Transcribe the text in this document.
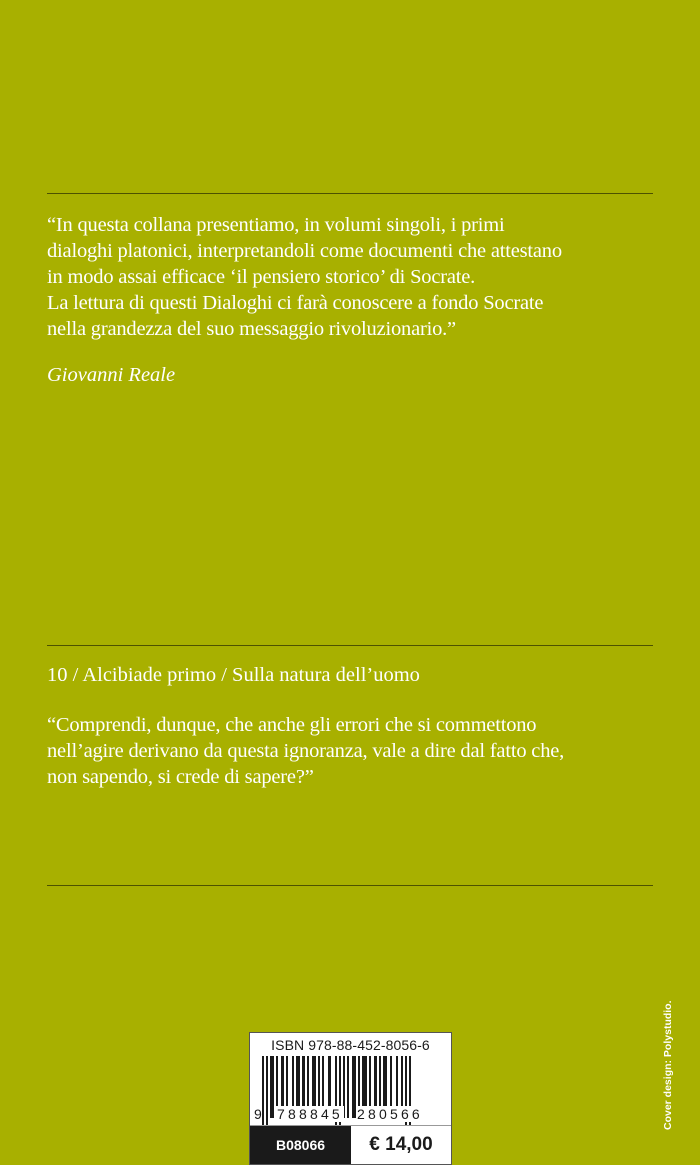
“In questa collana presentiamo, in volumi singoli, i primi
dialoghi platonici, interpretandoli come documenti che attestano
in modo assai efficace ‘il pensiero storico’ di Socrate.
La lettura di questi Dialoghi ci farà conoscere a fondo Socrate
nella grandezza del suo messaggio rivoluzionario.”
Giovanni Reale
10 / Alcibiade primo / Sulla natura dell’uomo
“Comprendi, dunque, che anche gli errori che si commettono
nell’agire derivano da questa ignoranza, vale a dire dal fatto che,
non sapendo, si crede di sapere?”
ISBN 978-88-452-8056-6
9 788845 280566
B08066	€ 14,00
Cover design: Polystudio.
